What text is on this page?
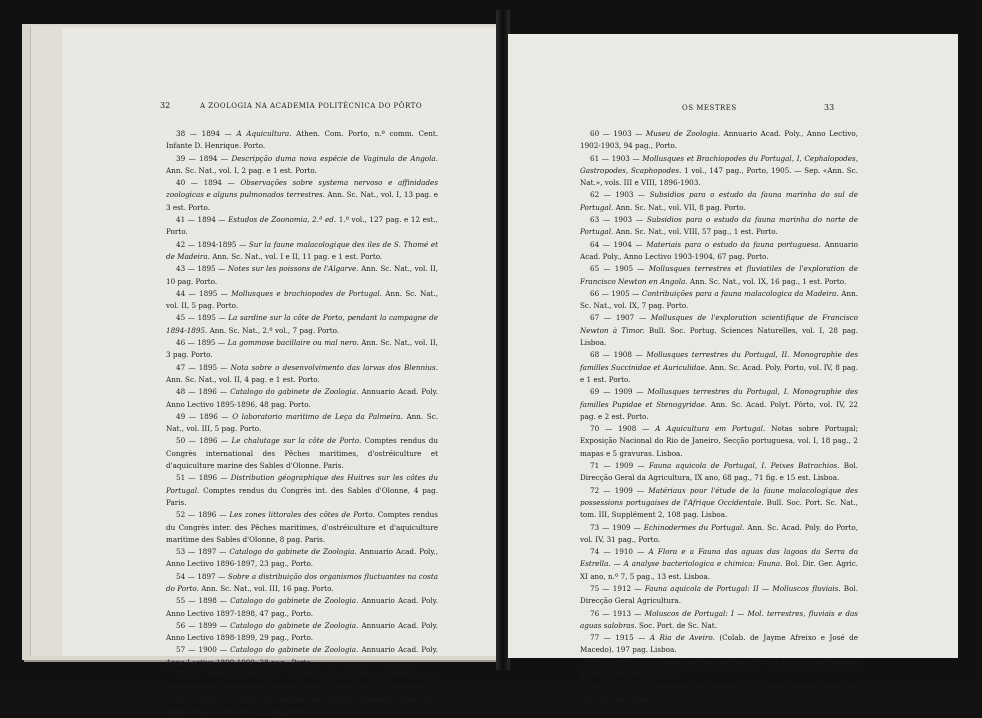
32	A ZOOLOGIA NA ACADEMIA POLITÉCNICA DO PÔRTO

38 — 1894 — A Aquicultura. Athen. Com. Porto, n.º comm. Cent. Infante D. Henrique. Porto.

39 — 1894 — Descripção duma nova espécie de Vaginula de Angola. Ann. Sc. Nat., vol. I, 2 pag. e 1 est. Porto.

40 — 1894 — Observações sobre systema nervoso e affinidades zoologicas e alguns pulmonados terrestres. Ann. Sc. Nat., vol. I, 13 pag. e 3 est. Porto.

41 — 1894 — Estudos de Zoonomia, 2.ª ed. 1.º vol., 127 pag. e 12 est., Porto.

42 — 1894-1895 — Sur la faune malacologique des iles de S. Thomé et de Madeira. Ann. Sc. Nat., vol. I e II, 11 pag. e 1 est. Porto.

43 — 1895 — Notes sur les poissons de l'Algarve. Ann. Sc. Nat., vol. II, 10 pag. Porto.

44 — 1895 — Mollusques e brachiopodes de Portugal. Ann. Sc. Nat., vol. II, 5 pag. Porto.

45 — 1895 — La sardine sur la côte de Porto, pendant la campagne de 1894-1895. Ann. Sc. Nat., 2.º vol., 7 pag. Porto.

46 — 1895 — La gommose bacillaire ou mal nero. Ann. Sc. Nat., vol. II, 3 pag. Porto.

47 — 1895 — Nota sobre o desenvolvimento das larvas dos Blennius. Ann. Sc. Nat., vol. II, 4 pag. e 1 est. Porto.

48 — 1896 — Catalogo do gabinete de Zoologia. Annuario Acad. Poly. Anno Lectivo 1895-1896, 48 pag. Porto.

49 — 1896 — O laboratorio maritimo de Leça da Palmeira. Ann. Sc. Nat., vol. III, 5 pag. Porto.

50 — 1896 — Le chalutage sur la côte de Porto. Comptes rendus du Congrès international des Pêches maritimes, d'ostréiculture et d'aquiculture marine des Sables d'Olonne. Paris.

51 — 1896 — Distribution géographique des Huitres sur les côtes du Portugal. Comptes rendus du Congrès int. des Sables d'Olonne, 4 pag. Paris.

52 — 1896 — Les zones littorales des côtes de Porto. Comptes rendus du Congrès inter. des Pêches maritimes, d'ostréiculture et d'aquiculture maritime des Sables d'Olonne, 8 pag. Paris.

53 — 1897 — Catalogo do gabinete de Zoologia. Annuario Acad. Poly., Anno Lectivo 1896-1897, 23 pag., Porto.

54 — 1897 — Sobre a distribuição dos organismos fluctuantes na costa do Porto. Ann. Sc. Nat., vol. III, 16 pag. Porto.

55 — 1898 — Catalogo do gabinete de Zoologia. Annuario Acad. Poly. Anno Lectivo 1897-1898, 47 pag., Porto.

56 — 1899 — Catalogo do gabinete de Zoologia. Annuario Acad. Poly. Anno Lectivo 1898-1899, 29 pag., Porto.

57 — 1900 — Catalogo do gabinete de Zoologia. Annuario Acad. Poly. Anno Lectivo 1899-1900, 28 pag., Porto.

58 — 1900 — Sobre a presença do Delphinus delphis, var. mediterranea, nas costas do Algarve. Ann. Sc. Nat., vol. VI, 1 pag. Porto.

59 — 1901 — Catalogo do gabinete de Zoologia. Annuario Acad. Poly. Anno Lectivo 1900-1901, 22 pag. Porto.

OS MESTRES	33

60 — 1903 — Museu de Zoologia. Annuario Acad. Poly., Anno Lectivo, 1902-1903, 94 pag., Porto.

61 — 1903 — Mollusques et Brachiopodes du Portugal, I, Cephalopodes, Gastropodes, Scaphopodes. 1 vol., 147 pag., Porto, 1905. — Sep. «Ann. Sc. Nat.», vols. III e VIII, 1896-1903.

62 — 1903 — Subsidios para o estudo da fauna marinha do sul de Portugal. Ann. Sc. Nat., vol. VII, 8 pag. Porto.

63 — 1903 — Subsidios para o estudo da fauna marinha do norte de Portugal. Ann. Sc. Nat., vol. VIII, 57 pag., 1 est. Porto.

64 — 1904 — Materiais para o estudo da fauna portuguesa. Annuario Acad. Poly., Anno Lectivo 1903-1904, 67 pag. Porto.

65 — 1905 — Mollusques terrestres et fluviatiles de l'exploration de Francisco Newton en Angola. Ann. Sc. Nat., vol. IX, 16 pag., 1 est. Porto.

66 — 1905 — Contribuições para a fauna malacologica da Madeira. Ann. Sc. Nat., vol. IX, 7 pag. Porto.

67 — 1907 — Mollusques de l'exploration scientifique de Francisco Newton à Timor. Bull. Soc. Portug. Sciences Naturelles, vol. I, 28 pag. Lisboa.

68 — 1908 — Mollusques terrestres du Portugal, II. Monographie des familles Succinidae et Auriculidae. Ann. Sc. Acad. Poly. Porto, vol. IV, 8 pag. e 1 est. Porto.

69 — 1909 — Mollusques terrestres du Portugal, I. Monographie des familles Pupidae et Stenogyridae. Ann. Sc. Acad. Polyt. Pôrto, vol. IV, 22 pag. e 2 est. Porto.

70 — 1908 — A Aquicultura em Portugal. Notas sobre Portugal; Exposição Nacional do Rio de Janeiro, Secção portuguesa, vol. I, 18 pag., 2 mapas e 5 gravuras. Lisboa.

71 — 1909 — Fauna aquicola de Portugal, I. Peixes Batrachios. Bol. Direcção Geral da Agricultura, IX ano, 68 pag., 71 fig. e 15 est. Lisboa.

72 — 1909 — Matériaux pour l'étude de la faune malacologique des possessions portugaises de l'Afrique Occidentale. Bull. Soc. Port. Sc. Nat., tom. III, Supplément 2, 108 pag. Lisboa.

73 — 1909 — Echinodermes du Portugal. Ann. Sc. Acad. Poly. do Porto, vol. IV, 31 pag., Porto.

74 — 1910 — A Flora e a Fauna das aguas das lagoas da Serra da Estrella. — A analyse bacteriologica e chimica: Fauna. Bol. Dir. Ger. Agric. XI ano, n.º 7, 5 pag., 13 est. Lisboa.

75 — 1912 — Fauna aquicola de Portugal: II — Molluscos fluviais. Bol. Direcção Geral Agricultura.

76 — 1913 — Moluscos de Portugal: I — Mol. terrestres, fluviais e das aguas salobras. Soc. Port. de Sc. Nat.

77 — 1915 — A Ria de Aveiro. (Colab. de Jayme Afreixo e José de Macedo). 197 pag. Lisboa.

78 — 1917 — Congresso de Sevilha. Nota I — A Estação de Zoologia Marítima da Univ. do Porto.

79 — 1917 — Congresso de Sevilha. 6 — Duas especies novas de Chloritea de Timor.
